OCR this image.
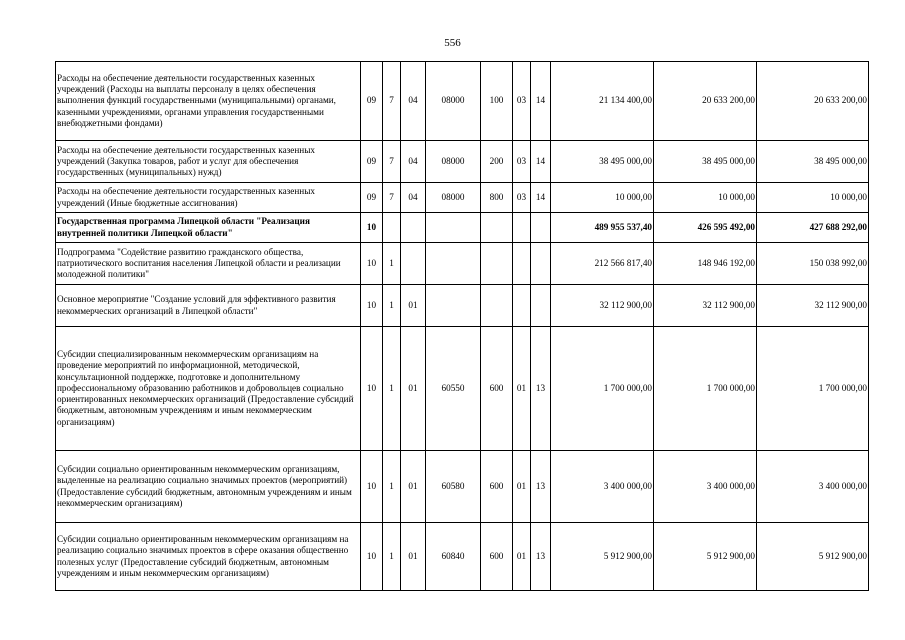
556
Расходы на обеспечение деятельности государственных казенных учреждений (Расходы на выплаты персоналу в целях обеспечения выполнения функций государственными (муниципальными) органами, казенными учреждениями, органами управления государственными внебюджетными фондами)	09	7	04	08000	100	03	14	21 134 400,00	20 633 200,00	20 633 200,00
Расходы на обеспечение деятельности государственных казенных учреждений (Закупка товаров, работ и услуг для обеспечения государственных (муниципальных) нужд)	09	7	04	08000	200	03	14	38 495 000,00	38 495 000,00	38 495 000,00
Расходы на обеспечение деятельности государственных казенных учреждений (Иные бюджетные ассигнования)	09	7	04	08000	800	03	14	10 000,00	10 000,00	10 000,00
Государственная программа Липецкой области "Реализация внутренней политики Липецкой области"	10							489 955 537,40	426 595 492,00	427 688 292,00
Подпрограмма "Содействие развитию гражданского общества, патриотического воспитания населения Липецкой области и реализации молодежной политики"	10	1						212 566 817,40	148 946 192,00	150 038 992,00
Основное мероприятие "Создание условий для эффективного развития некоммерческих организаций в Липецкой области"	10	1	01					32 112 900,00	32 112 900,00	32 112 900,00
Субсидии специализированным некоммерческим организациям на проведение мероприятий по информационной, методической, консультационной поддержке, подготовке и дополнительному профессиональному образованию работников и добровольцев социально ориентированных некоммерческих организаций (Предоставление субсидий бюджетным, автономным учреждениям и иным некоммерческим организациям)	10	1	01	60550	600	01	13	1 700 000,00	1 700 000,00	1 700 000,00
Субсидии социально ориентированным некоммерческим организациям, выделенные на реализацию социально значимых проектов (мероприятий) (Предоставление субсидий бюджетным, автономным учреждениям и иным некоммерческим организациям)	10	1	01	60580	600	01	13	3 400 000,00	3 400 000,00	3 400 000,00
Субсидии социально ориентированным некоммерческим организациям на реализацию социально значимых проектов в сфере оказания общественно полезных услуг (Предоставление субсидий бюджетным, автономным учреждениям и иным некоммерческим организациям)	10	1	01	60840	600	01	13	5 912 900,00	5 912 900,00	5 912 900,00
